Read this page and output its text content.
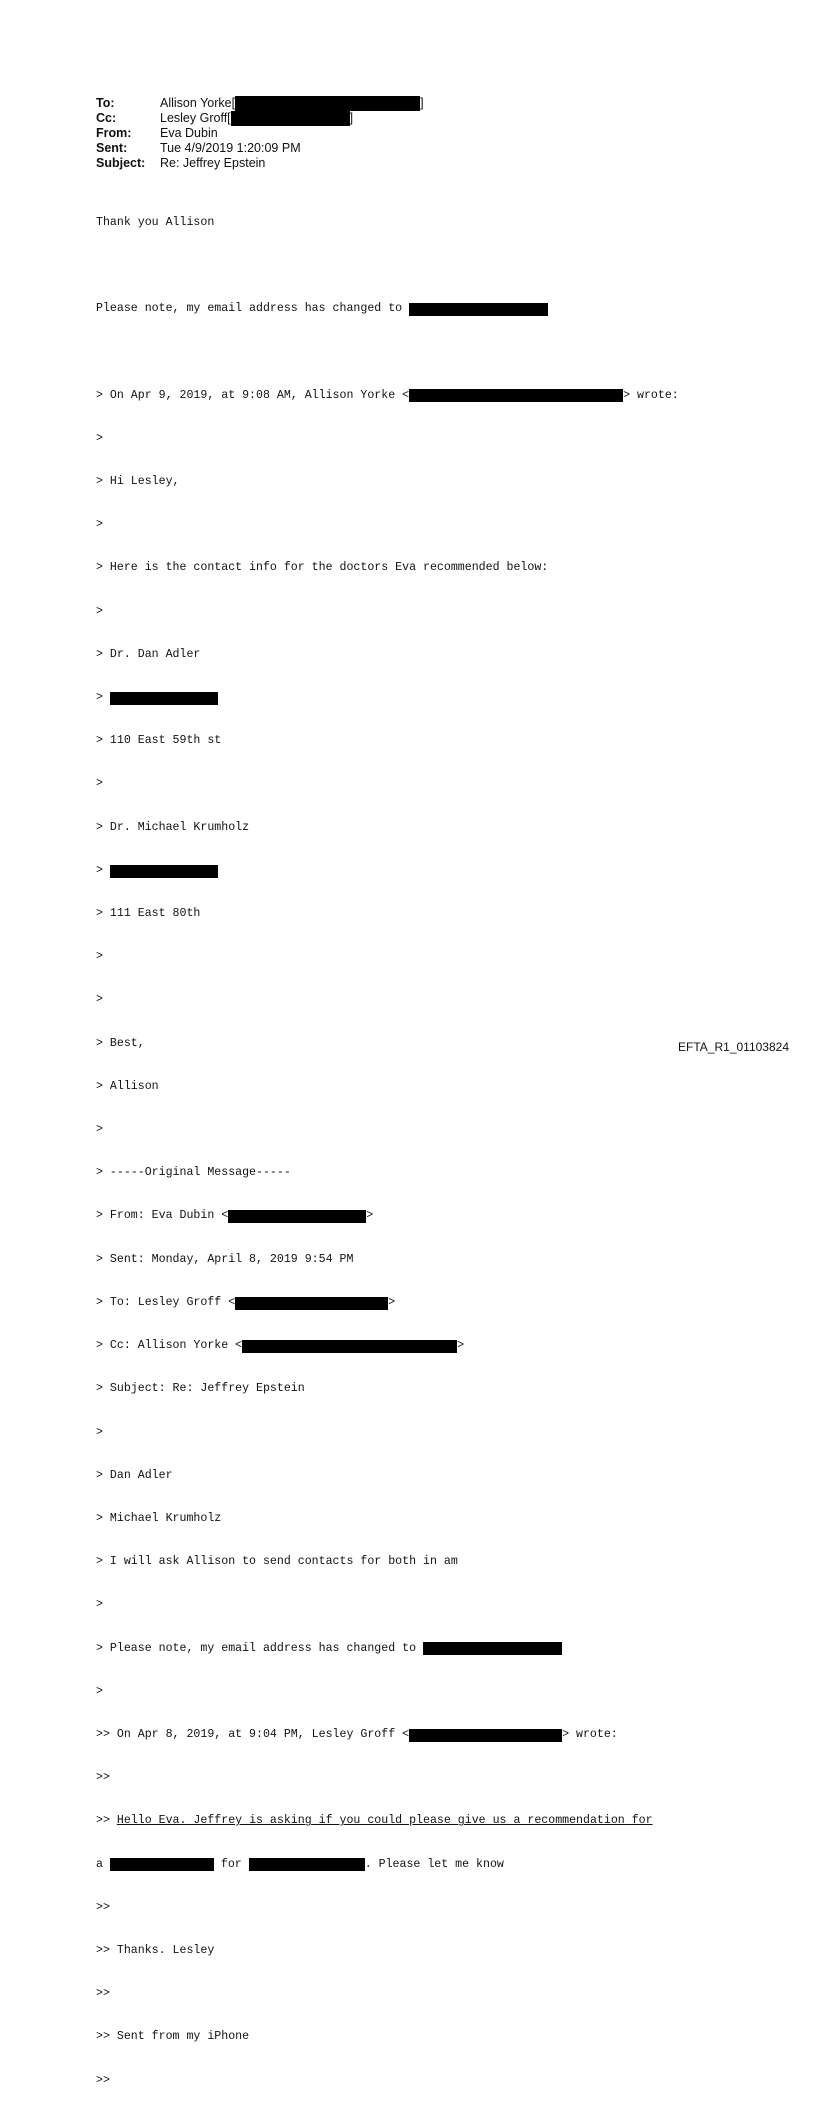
To:	Allison Yorke [	]
Cc:	Lesley Groff [	]
From:	Eva Dubin
Sent:	Tue 4/9/2019 1:20:09 PM
Subject:	Re: Jeffrey Epstein

Thank you Allison

Please note, my email address has changed to

> On Apr 9, 2019, at 9:08 AM, Allison Yorke <	> wrote:

>

> Hi Lesley,

>

> Here is the contact info for the doctors Eva recommended below:

>

> Dr. Dan Adler

>

> 110 East 59th st

>

> Dr. Michael Krumholz

>

> 111 East 80th

>

>

> Best,

> Allison

>

> -----Original Message-----

> From: Eva Dubin <	>

> Sent: Monday, April 8, 2019 9:54 PM

> To: Lesley Groff <	>

> Cc: Allison Yorke <	>

> Subject: Re: Jeffrey Epstein

>

> Dan Adler

> Michael Krumholz

> I will ask Allison to send contacts for both in am

>

> Please note, my email address has changed to

>

>> On Apr 8, 2019, at 9:04 PM, Lesley Groff <	> wrote:

>>

>> Hello Eva. Jeffrey is asking if you could please give us a recommendation for

a	for	. Please let me know

>>

>> Thanks. Lesley

>>

>> Sent from my iPhone

>>

EFTA_R1_01103824
